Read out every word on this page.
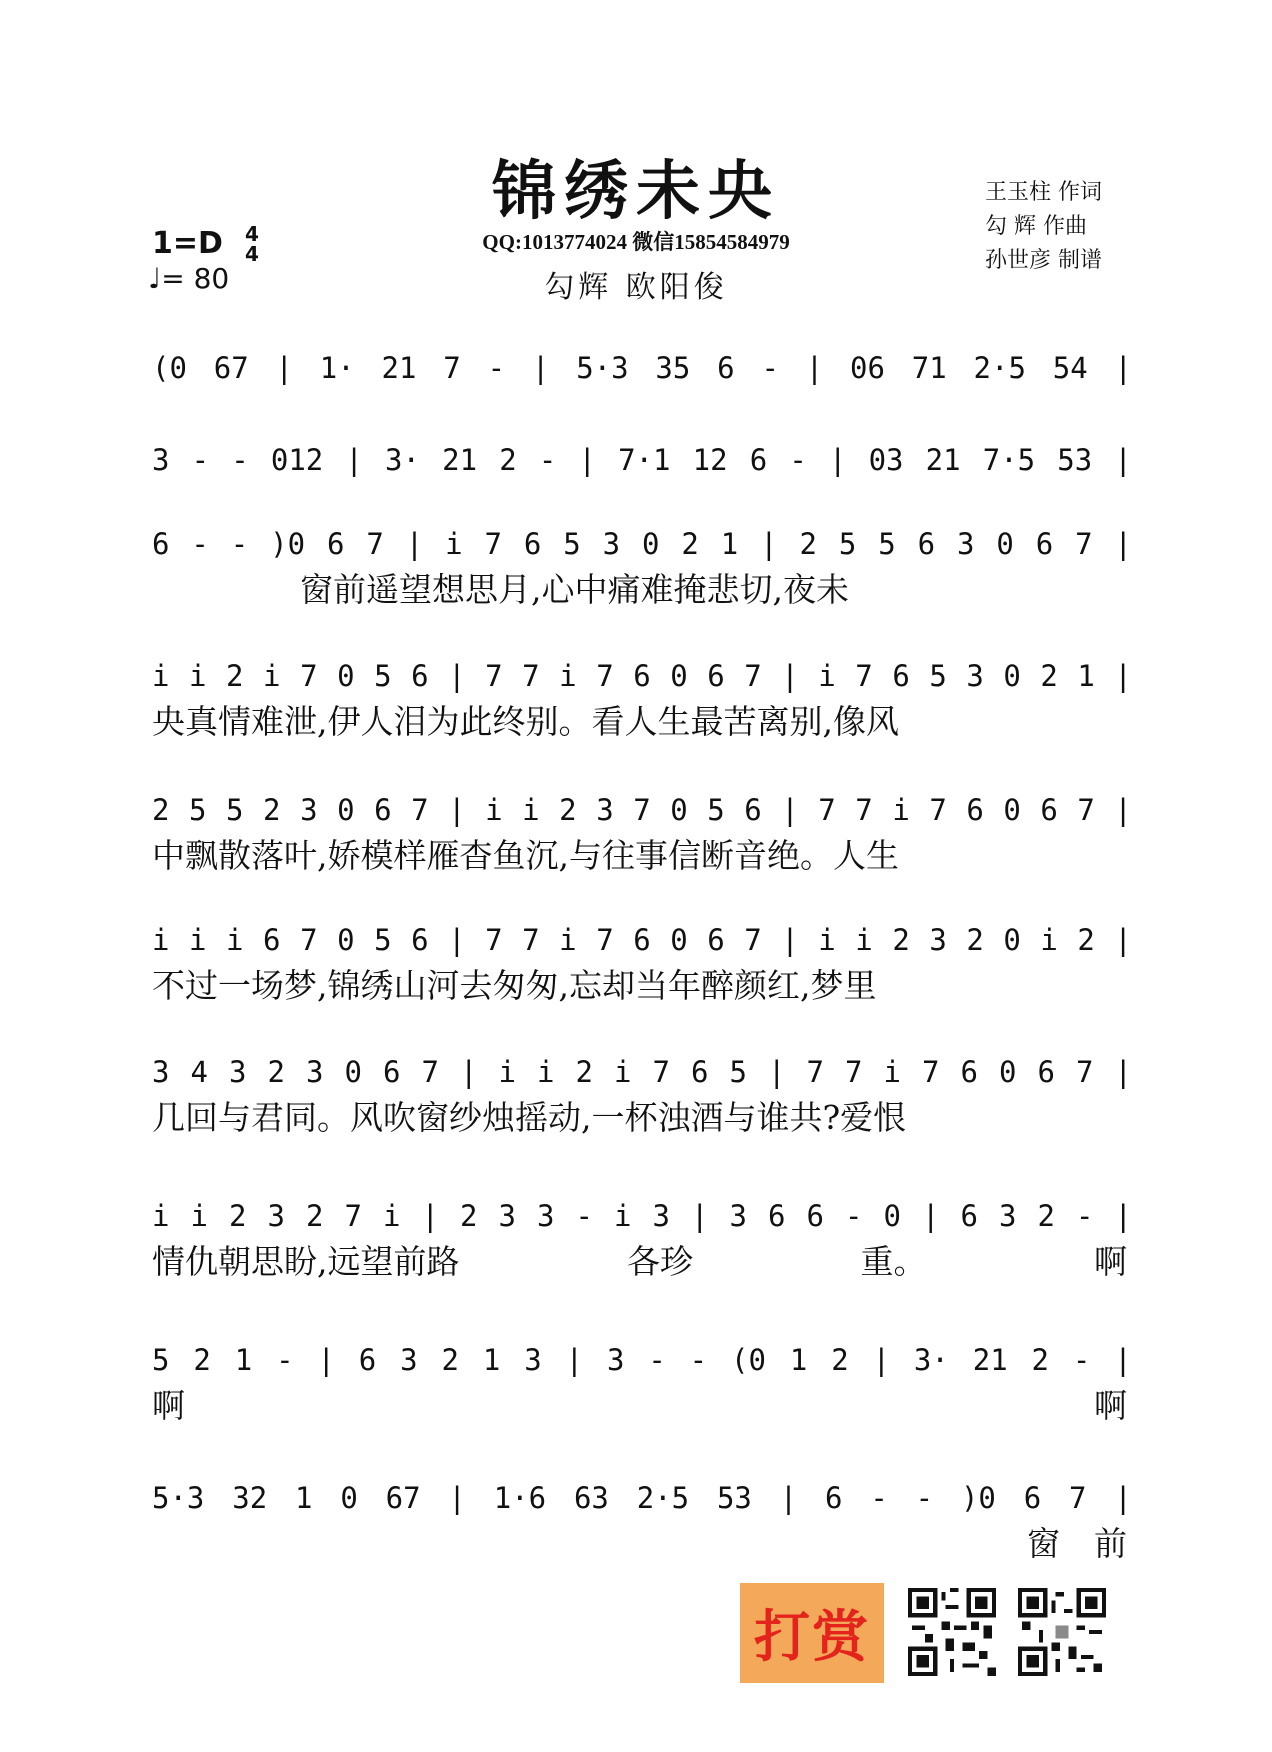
锦绣未央
QQ:1013774024 微信15854584979
勾辉 欧阳俊
1=D 4
4
♩= 80
王玉柱 作词
勾 辉 作曲
孙世彦 制谱
(0 67 | 1· 21 7 - | 5·3 35 6 - | 06 71 2·5 54 |
3 - - 012 | 3· 21 2 - | 7·1 12 6 - | 03 21 7·5 53 |
6 - - )0 6 7 | i 7 6 5 3 0 2 1 | 2 5 5 6 3 0 6 7 |
窗前遥望想思月,心中痛难掩悲切,夜未
i i 2 i 7 0 5 6 | 7 7 i 7 6 0 6 7 | i 7 6 5 3 0 2 1 |
央真情难泄,伊人泪为此终别。看人生最苦离别,像风
2 5 5 2 3 0 6 7 | i i 2 3 7 0 5 6 | 7 7 i 7 6 0 6 7 |
中飘散落叶,娇模样雁杳鱼沉,与往事信断音绝。人生
i i i 6 7 0 5 6 | 7 7 i 7 6 0 6 7 | i i 2 3 2 0 i 2 |
不过一场梦,锦绣山河去匆匆,忘却当年醉颜红,梦里
3 4 3 2 3 0 6 7 | i i 2 i 7 6 5 | 7 7 i 7 6 0 6 7 |
几回与君同。风吹窗纱烛摇动,一杯浊酒与谁共?爱恨
i i 2 3 2 7 i | 2 3 3 - i 3 | 3 6 6 - 0 | 6 3 2 - |
情仇朝思盼,远望前路	各珍	重。	啊
5 2 1 - | 6 3 2 1 3 | 3 - - (0 1 2 | 3· 21 2 - |
啊	啊
5·3 32 1 0 67 | 1·6 63 2·5 53 | 6 - - )0 6 7 |
窗 前
打赏
